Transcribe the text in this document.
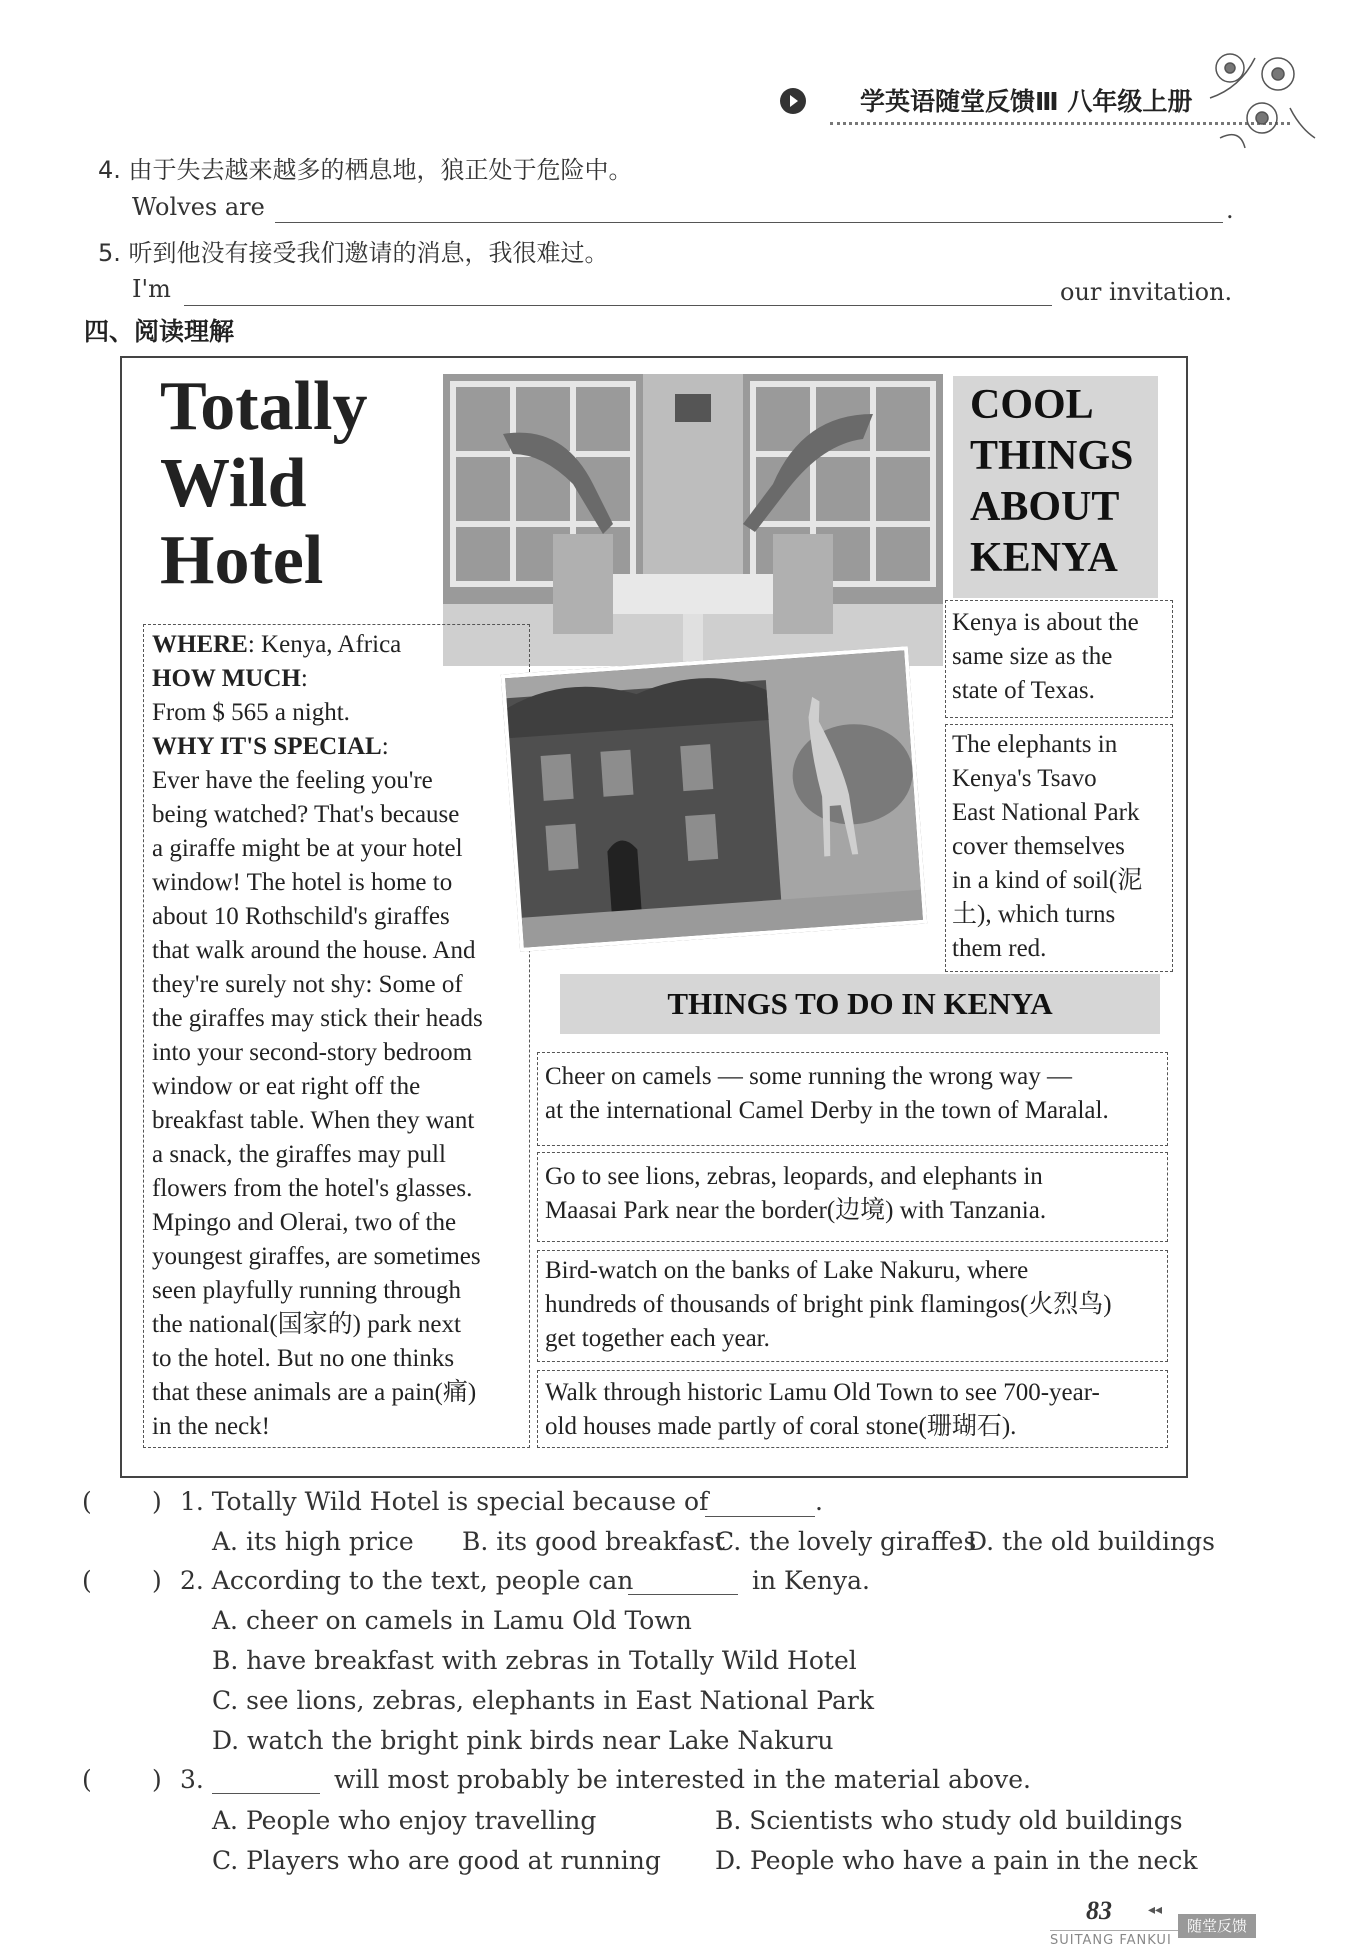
学英语随堂反馈Ⅲ 八年级上册
4. 由于失去越来越多的栖息地，狼正处于危险中。
Wolves are	.
5. 听到他没有接受我们邀请的消息，我很难过。
I'm	our invitation.
四、阅读理解
Totally
Wild
Hotel
COOL
THINGS
ABOUT
KENYA
Kenya is about the
same size as the
state of Texas.
The elephants in
Kenya's Tsavo
East National Park
cover themselves
in a kind of soil(泥
土), which turns
them red.
WHERE: Kenya, Africa
HOW MUCH:
From $ 565 a night.
WHY IT'S SPECIAL:
Ever have the feeling you're
being watched? That's because
a giraffe might be at your hotel
window! The hotel is home to
about 10 Rothschild's giraffes
that walk around the house. And
they're surely not shy: Some of
the giraffes may stick their heads
into your second-story bedroom
window or eat right off the
breakfast table. When they want
a snack, the giraffes may pull
flowers from the hotel's glasses.
Mpingo and Olerai, two of the
youngest giraffes, are sometimes
seen playfully running through
the national(国家的) park next
to the hotel. But no one thinks
that these animals are a pain(痛)
in the neck!
THINGS TO DO IN KENYA
Cheer on camels — some running the wrong way —
at the international Camel Derby in the town of Maralal.
Go to see lions, zebras, leopards, and elephants in
Maasai Park near the border(边境) with Tanzania.
Bird-watch on the banks of Lake Nakuru, where
hundreds of thousands of bright pink flamingos(火烈鸟)
get together each year.
Walk through historic Lamu Old Town to see 700-year-
old houses made partly of coral stone(珊瑚石).
( ) 1. Totally Wild Hotel is special because of	.
A. its high price B. its good breakfast
C. the lovely giraffes
D. the old buildings
( ) 2. According to the text, people can	in Kenya.
A. cheer on camels in Lamu Old Town
B. have breakfast with zebras in Totally Wild Hotel
C. see lions, zebras, elephants in East National Park
D. watch the bright pink birds near Lake Nakuru
( ) 3.	will most probably be interested in the material above.
A. People who enjoy travelling	B. Scientists who study old buildings
C. Players who are good at running D. People who have a pain in the neck
83	◂◂
SUITANG FANKUI
随堂反馈
